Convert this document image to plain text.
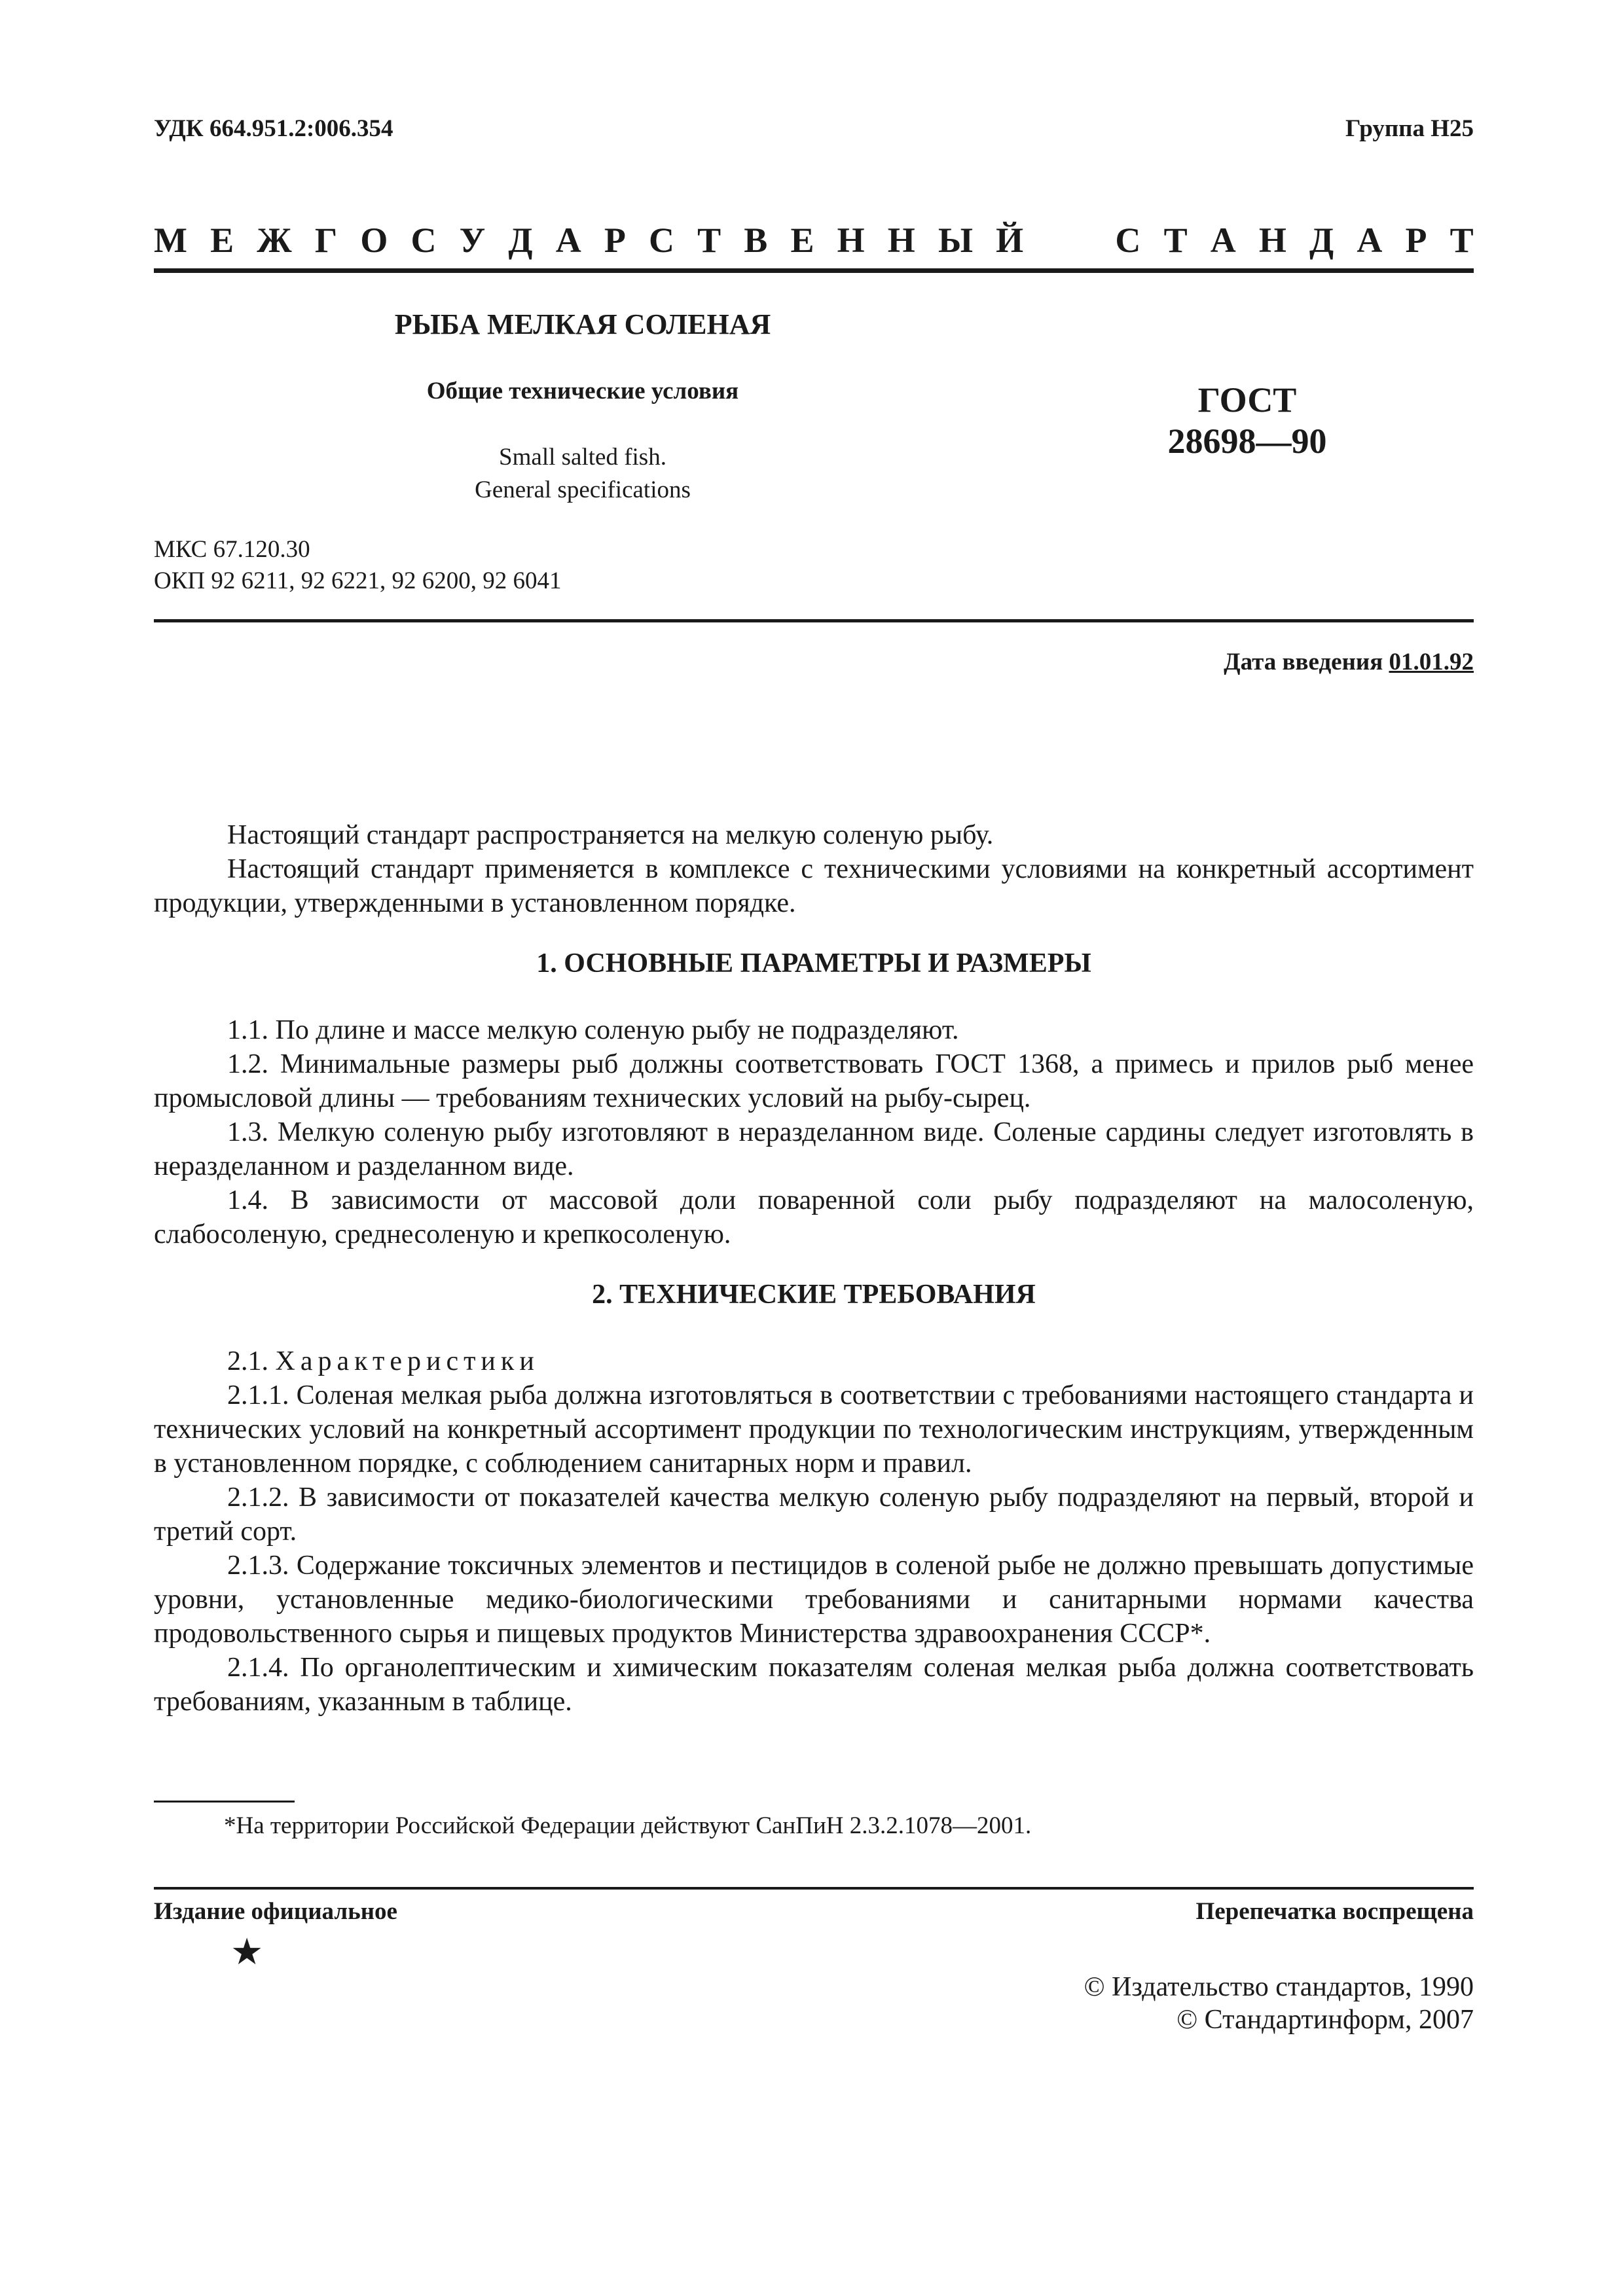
УДК 664.951.2:006.354	Группа Н25
М Е Ж Г О С У Д А Р С Т В Е Н Н Ы Й	С Т А Н Д А Р Т
РЫБА МЕЛКАЯ СОЛЕНАЯ
Общие технические условия
Small salted fish.
General specifications
ГОСТ
28698—90
МКС 67.120.30
ОКП 92 6211, 92 6221, 92 6200, 92 6041
Дата введения 01.01.92

Настоящий стандарт распространяется на мелкую соленую рыбу.

Настоящий стандарт применяется в комплексе с техническими условиями на конкретный ассортимент продукции, утвержденными в установленном порядке.

1. ОСНОВНЫЕ ПАРАМЕТРЫ И РАЗМЕРЫ

1.1. По длине и массе мелкую соленую рыбу не подразделяют.

1.2. Минимальные размеры рыб должны соответствовать ГОСТ 1368, а примесь и прилов рыб менее промысловой длины — требованиям технических условий на рыбу-сырец.

1.3. Мелкую соленую рыбу изготовляют в неразделанном виде. Соленые сардины следует изготовлять в неразделанном и разделанном виде.

1.4. В зависимости от массовой доли поваренной соли рыбу подразделяют на малосоленую, слабосоленую, среднесоленую и крепкосоленую.

2. ТЕХНИЧЕСКИЕ ТРЕБОВАНИЯ

2.1. Характеристики

2.1.1. Соленая мелкая рыба должна изготовляться в соответствии с требованиями настоящего стандарта и технических условий на конкретный ассортимент продукции по технологическим инструкциям, утвержденным в установленном порядке, с соблюдением санитарных норм и правил.

2.1.2. В зависимости от показателей качества мелкую соленую рыбу подразделяют на первый, второй и третий сорт.

2.1.3. Содержание токсичных элементов и пестицидов в соленой рыбе не должно превышать допустимые уровни, установленные медико-биологическими требованиями и санитарными нормами качества продовольственного сырья и пищевых продуктов Министерства здравоохранения СССР*.

2.1.4. По органолептическим и химическим показателям соленая мелкая рыба должна соответствовать требованиям, указанным в таблице.

*На территории Российской Федерации действуют СанПиН 2.3.2.1078—2001.
Издание официальное	Перепечатка воспрещена
★
© Издательство стандартов, 1990
© Стандартинформ, 2007
